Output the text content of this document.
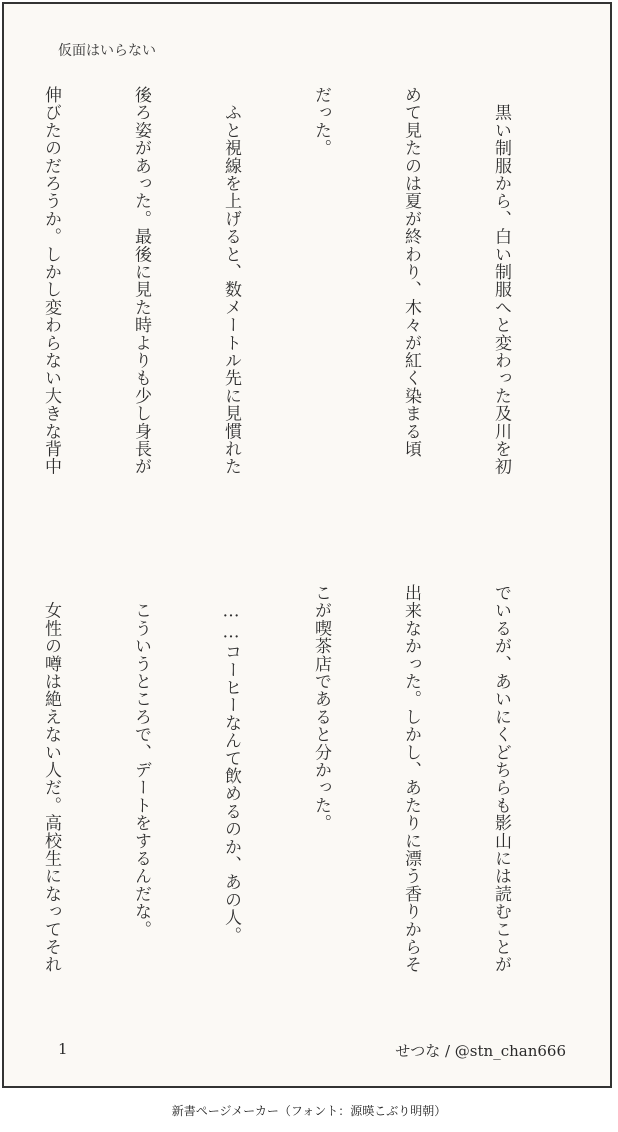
仮面はいらない

　黒い制服から、白い制服へと変わった及川を初

めて見たのは夏が終わり、木々が紅く染まる頃

だった。

　ふと視線を上げると、数メートル先に見慣れた

後ろ姿があった。最後に見た時よりも少し身長が

伸びたのだろうか。しかし変わらない大きな背中

でいるが、あいにくどちらも影山には読むことが

出来なかった。しかし、あたりに漂う香りからそ

こが喫茶店であると分かった。

　……コーヒーなんて飲めるのか、あの人。

　こういうところで、デートをするんだな。

　女性の噂は絶えない人だ。高校生になってそれ

1	せつな / @stn_chan666
新書ページメーカー（フォント：源暎こぶり明朝）
